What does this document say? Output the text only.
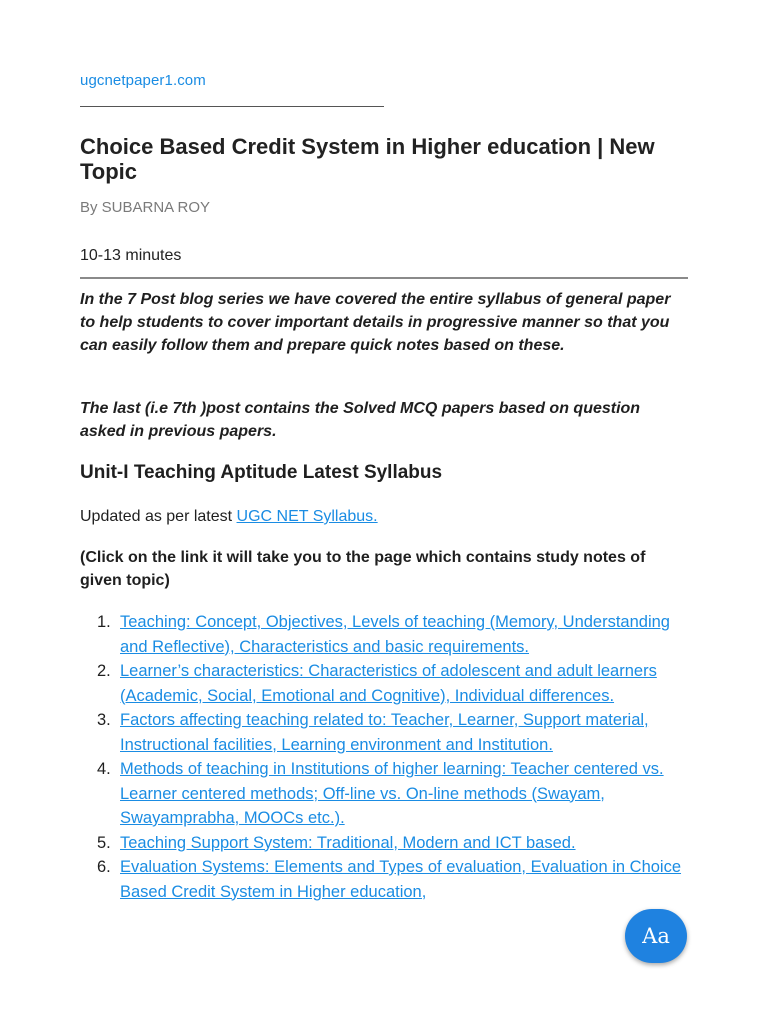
ugcnetpaper1.com
Choice Based Credit System in Higher education | New Topic
By SUBARNA ROY
10-13 minutes

In the 7 Post blog series we have covered the entire syllabus of general paper to help students to cover important details in progressive manner so that you can easily follow them and prepare quick notes based on these.

The last (i.e 7th )post contains the Solved MCQ papers based on question asked in previous papers.

Unit-I Teaching Aptitude Latest Syllabus
Updated as per latest UGC NET Syllabus.

(Click on the link it will take you to the page which contains study notes of given topic)

1. Teaching: Concept, Objectives, Levels of teaching (Memory, Understanding and Reflective), Characteristics and basic requirements.
2. Learner’s characteristics: Characteristics of adolescent and adult learners (Academic, Social, Emotional and Cognitive), Individual differences.
3. Factors affecting teaching related to: Teacher, Learner, Support material, Instructional facilities, Learning environment and Institution.
4. Methods of teaching in Institutions of higher learning: Teacher centered vs. Learner centered methods; Off-line vs. On-line methods (Swayam, Swayamprabha, MOOCs etc.).
5. Teaching Support System: Traditional, Modern and ICT based.
6. Evaluation Systems: Elements and Types of evaluation, Evaluation in Choice Based Credit System in Higher education,
Aa
